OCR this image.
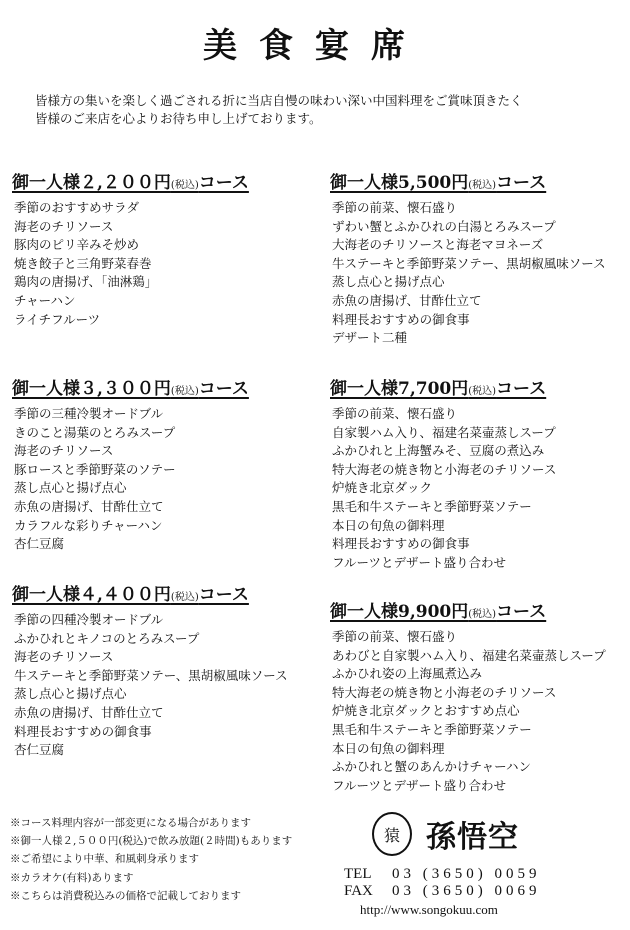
美食宴席
皆様方の集いを楽しく過ごされる折に当店自慢の味わい深い中国料理をご賞味頂きたく
皆様のご来店を心よりお待ち申し上げております。
御一人様２,２００円(税込)コース
季節のおすすめサラダ
海老のチリソース
豚肉のピリ辛みそ炒め
焼き餃子と三角野菜春巻
鶏肉の唐揚げ、「油淋鶏」
チャーハン
ライチフルーツ
御一人様３,３００円(税込)コース
季節の三種冷製オードブル
きのこと湯葉のとろみスープ
海老のチリソース
豚ロースと季節野菜のソテー
蒸し点心と揚げ点心
赤魚の唐揚げ、甘酢仕立て
カラフルな彩りチャーハン
杏仁豆腐
御一人様４,４００円(税込)コース
季節の四種冷製オードブル
ふかひれとキノコのとろみスープ
海老のチリソース
牛ステーキと季節野菜ソテー、黒胡椒風味ソース
蒸し点心と揚げ点心
赤魚の唐揚げ、甘酢仕立て
料理長おすすめの御食事
杏仁豆腐
御一人様5,500円(税込)コース
季節の前菜、懐石盛り
ずわい蟹とふかひれの白湯とろみスープ
大海老のチリソースと海老マヨネーズ
牛ステーキと季節野菜ソテー、黒胡椒風味ソース
蒸し点心と揚げ点心
赤魚の唐揚げ、甘酢仕立て
料理長おすすめの御食事
デザート二種
御一人様7,700円(税込)コース
季節の前菜、懐石盛り
自家製ハム入り、福建名菜壷蒸しスープ
ふかひれと上海蟹みそ、豆腐の煮込み
特大海老の焼き物と小海老のチリソース
炉焼き北京ダック
黒毛和牛ステーキと季節野菜ソテー
本日の旬魚の御料理
料理長おすすめの御食事
フルーツとデザート盛り合わせ
御一人様9,900円(税込)コース
季節の前菜、懐石盛り
あわびと自家製ハム入り、福建名菜壷蒸しスープ
ふかひれ姿の上海風煮込み
特大海老の焼き物と小海老のチリソース
炉焼き北京ダックとおすすめ点心
黒毛和牛ステーキと季節野菜ソテー
本日の旬魚の御料理
ふかひれと蟹のあんかけチャーハン
フルーツとデザート盛り合わせ
※コース料理内容が一部変更になる場合があります
※御一人様２,５００円(税込)で飲み放題(２時間)もあります
※ご希望により中華、和風刺身承ります
※カラオケ(有料)あります
※こちらは消費税込みの価格で記載しております
猿 孫悟空
TEL 03 (3650) 0059
FAX 03 (3650) 0069
http://www.songokuu.com
